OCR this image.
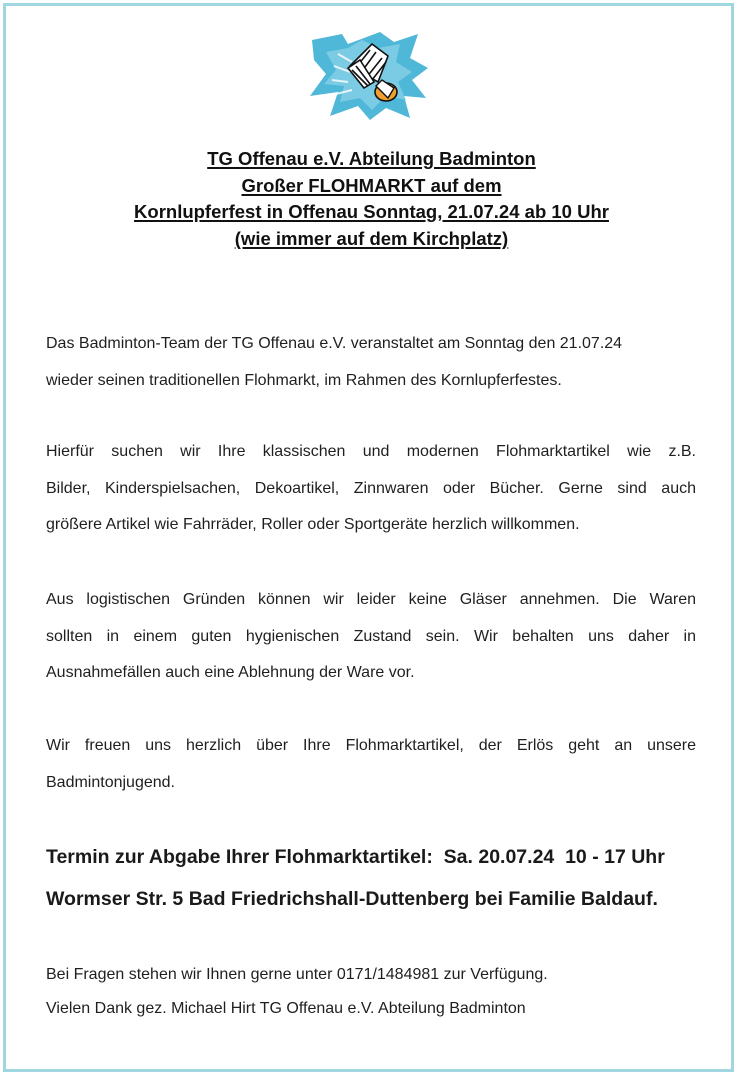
TG Offenau e.V. Abteilung Badminton
Großer FLOHMARKT auf dem
Kornlupferfest in Offenau Sonntag, 21.07.24 ab 10 Uhr
(wie immer auf dem Kirchplatz)
Das Badminton-Team der TG Offenau e.V. veranstaltet am Sonntag den 21.07.24
wieder seinen traditionellen Flohmarkt, im Rahmen des Kornlupferfestes.
Hierfür suchen wir Ihre klassischen und modernen Flohmarktartikel wie z.B.
Bilder, Kinderspielsachen, Dekoartikel, Zinnwaren oder Bücher. Gerne sind auch
größere Artikel wie Fahrräder, Roller oder Sportgeräte herzlich willkommen.
Aus logistischen Gründen können wir leider keine Gläser annehmen. Die Waren
sollten in einem guten hygienischen Zustand sein. Wir behalten uns daher in
Ausnahmefällen auch eine Ablehnung der Ware vor.
Wir freuen uns herzlich über Ihre Flohmarktartikel, der Erlös geht an unsere
Badmintonjugend.
Termin zur Abgabe Ihrer Flohmarktartikel:  Sa. 20.07.24  10 - 17 Uhr
Wormser Str. 5 Bad Friedrichshall-Duttenberg bei Familie Baldauf.
Bei Fragen stehen wir Ihnen gerne unter 0171/1484981 zur Verfügung.
Vielen Dank gez. Michael Hirt TG Offenau e.V. Abteilung Badminton
